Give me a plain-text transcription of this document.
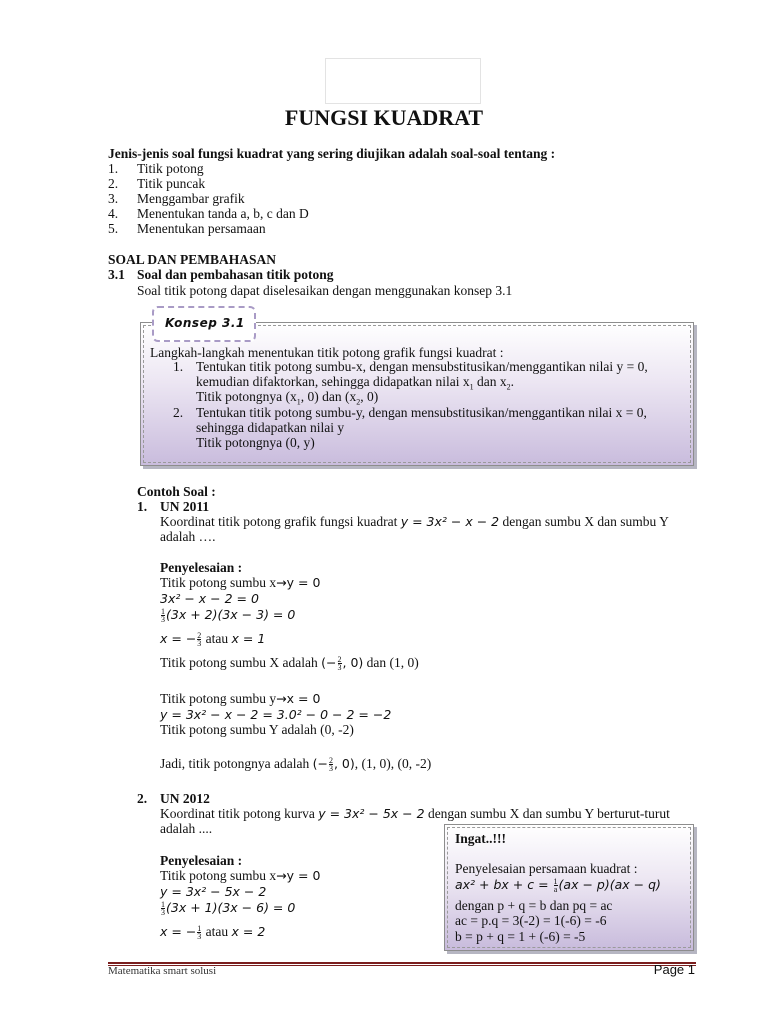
FUNGSI KUADRAT
Jenis-jenis soal fungsi kuadrat yang sering diujikan adalah soal-soal tentang :
1. Titik potong
2. Titik puncak
3. Menggambar grafik
4. Menentukan tanda a, b, c dan D
5. Menentukan persamaan
SOAL DAN PEMBAHASAN
3.1 Soal dan pembahasan titik potong
Soal titik potong dapat diselesaikan dengan menggunakan konsep 3.1
Konsep 3.1
Langkah-langkah menentukan titik potong grafik fungsi kuadrat :
1. Tentukan titik potong sumbu-x, dengan mensubstitusikan/menggantikan nilai y = 0,
kemudian difaktorkan, sehingga didapatkan nilai $x_1$ dan $x_2$.
Titik potongnya ($x_1$, 0) dan ($x_2$, 0)
2. Tentukan titik potong sumbu-y, dengan mensubstitusikan/menggantikan nilai x = 0,
sehingga didapatkan nilai y
Titik potongnya (0, y)
Contoh Soal :
1. UN 2011
Koordinat titik potong grafik fungsi kuadrat y = 3x² − x − 2 dengan sumbu X dan sumbu Y
adalah ….
Penyelesaian :
Titik potong sumbu x→y = 0
3x² − x − 2 = 0
$\frac{1}{3} (3x + 2)(3x - 3) = 0$
x = − $\frac{2}{3}$ atau x = 1
Titik potong sumbu X adalah (− $\frac{2}{3}$ , 0) dan (1, 0)
Titik potong sumbu y→x = 0
y = 3x² − x − 2 = 3.0² − 0 − 2 = −2
Titik potong sumbu Y adalah (0, -2)
Jadi, titik potongnya adalah (− $\frac{2}{3}$ , 0), (1, 0), (0, -2)
2. UN 2012
Koordinat titik potong kurva y = 3x² − 5x − 2 dengan sumbu X dan sumbu Y berturut-turut
adalah ....
Penyelesaian :
Titik potong sumbu x→y = 0
y = 3x² − 5x − 2
$\frac{1}{3} (3x + 1)(3x - 6) = 0$
x = − $\frac{1}{3}$ atau x = 2
Ingat..!!!
Penyelesaian persamaan kuadrat :
ax² + bx + $c = \frac{1}{a} (ax - p)(ax - q)$
dengan p + q = b dan pq = ac
ac = p.q = 3(-2) = 1(-6) = -6
b = p + q = 1 + (-6) = -5
Matematika smart solusi	Page 1
